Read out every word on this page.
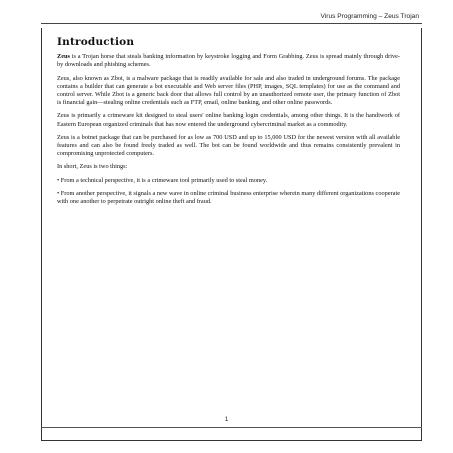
Virus Programming – Zeus Trojan
Introduction

Zeus is a Trojan horse that steals banking information by keystroke logging and Form Grabbing. Zeus is spread mainly through drive-by downloads and phishing schemes.

Zeus, also known as Zbot, is a malware package that is readily available for sale and also traded in underground forums. The package contains a builder that can generate a bot executable and Web server files (PHP, images, SQL templates) for use as the command and control server. While Zbot is a generic back door that allows full control by an unauthorized remote user, the primary function of Zbot is financial gain—stealing online credentials such as FTP, email, online banking, and other online passwords.

Zeus is primarily a crimeware kit designed to steal users' online banking login credentials, among other things. It is the handiwork of Eastern European organized criminals that has now entered the underground cybercriminal market as a commodity.

Zeus is a botnet package that can be purchased for as low as 700 USD and up to 15,000 USD for the newest version with all available features and can also be found freely traded as well. The bot can be found worldwide and thus remains consistently prevalent in compromising unprotected computers.

In short, Zeus is two things:

• From a technical perspective, it is a crimeware tool primarily used to steal money.

• From another perspective, it signals a new wave in online criminal business enterprise wherein many different organizations cooperate with one another to perpetrate outright online theft and fraud.

1
